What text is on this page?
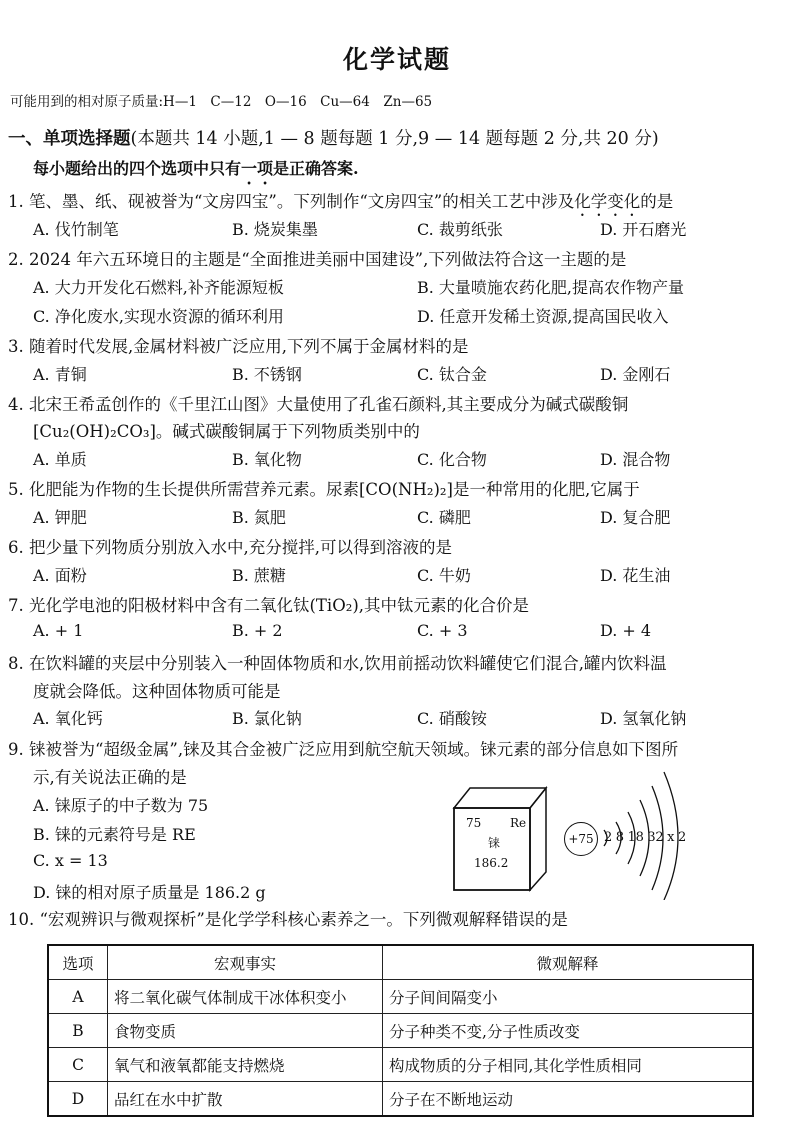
化学试题
可能用到的相对原子质量:H—1　C—12　O—16　Cu—64　Zn—65
一、单项选择题(本题共 14 小题,1 — 8 题每题 1 分,9 — 14 题每题 2 分,共 20 分)
每小题给出的四个选项中只有一项是正确答案.
1. 笔、墨、纸、砚被誉为“文房四宝”。下列制作“文房四宝”的相关工艺中涉及化学变化的是
A. 伐竹制笔	B. 烧炭集墨	C. 裁剪纸张	D. 开石磨光
2. 2024 年六五环境日的主题是“全面推进美丽中国建设”,下列做法符合这一主题的是
A. 大力开发化石燃料,补齐能源短板	B. 大量喷施农药化肥,提高农作物产量
C. 净化废水,实现水资源的循环利用	D. 任意开发稀土资源,提高国民收入
3. 随着时代发展,金属材料被广泛应用,下列不属于金属材料的是
A. 青铜	B. 不锈钢	C. 钛合金	D. 金刚石
4. 北宋王希孟创作的《千里江山图》大量使用了孔雀石颜料,其主要成分为碱式碳酸铜
[Cu₂(OH)₂CO₃]。碱式碳酸铜属于下列物质类别中的
A. 单质	B. 氧化物	C. 化合物	D. 混合物
5. 化肥能为作物的生长提供所需营养元素。尿素[CO(NH₂)₂]是一种常用的化肥,它属于
A. 钾肥	B. 氮肥	C. 磷肥	D. 复合肥
6. 把少量下列物质分别放入水中,充分搅拌,可以得到溶液的是
A. 面粉	B. 蔗糖	C. 牛奶	D. 花生油
7. 光化学电池的阳极材料中含有二氧化钛(TiO₂),其中钛元素的化合价是
A. + 1	B. + 2	C. + 3	D. + 4
8. 在饮料罐的夹层中分别装入一种固体物质和水,饮用前摇动饮料罐使它们混合,罐内饮料温
度就会降低。这种固体物质可能是
A. 氧化钙	B. 氯化钠	C. 硝酸铵	D. 氢氧化钠
9. 铼被誉为“超级金属”,铼及其合金被广泛应用到航空航天领域。铼元素的部分信息如下图所
示,有关说法正确的是
A. 铼原子的中子数为 75
B. 铼的元素符号是 RE
C. x = 13
D. 铼的相对原子质量是 186.2 g
75 Re
铼
186.2
+75 2 8 18 32 x 2
10. “宏观辨识与微观探析”是化学学科核心素养之一。下列微观解释错误的是
选项	宏观事实	微观解释
A	将二氧化碳气体制成干冰体积变小	分子间间隔变小
B	食物变质	分子种类不变,分子性质改变
C	氧气和液氧都能支持燃烧	构成物质的分子相同,其化学性质相同
D	品红在水中扩散	分子在不断地运动
